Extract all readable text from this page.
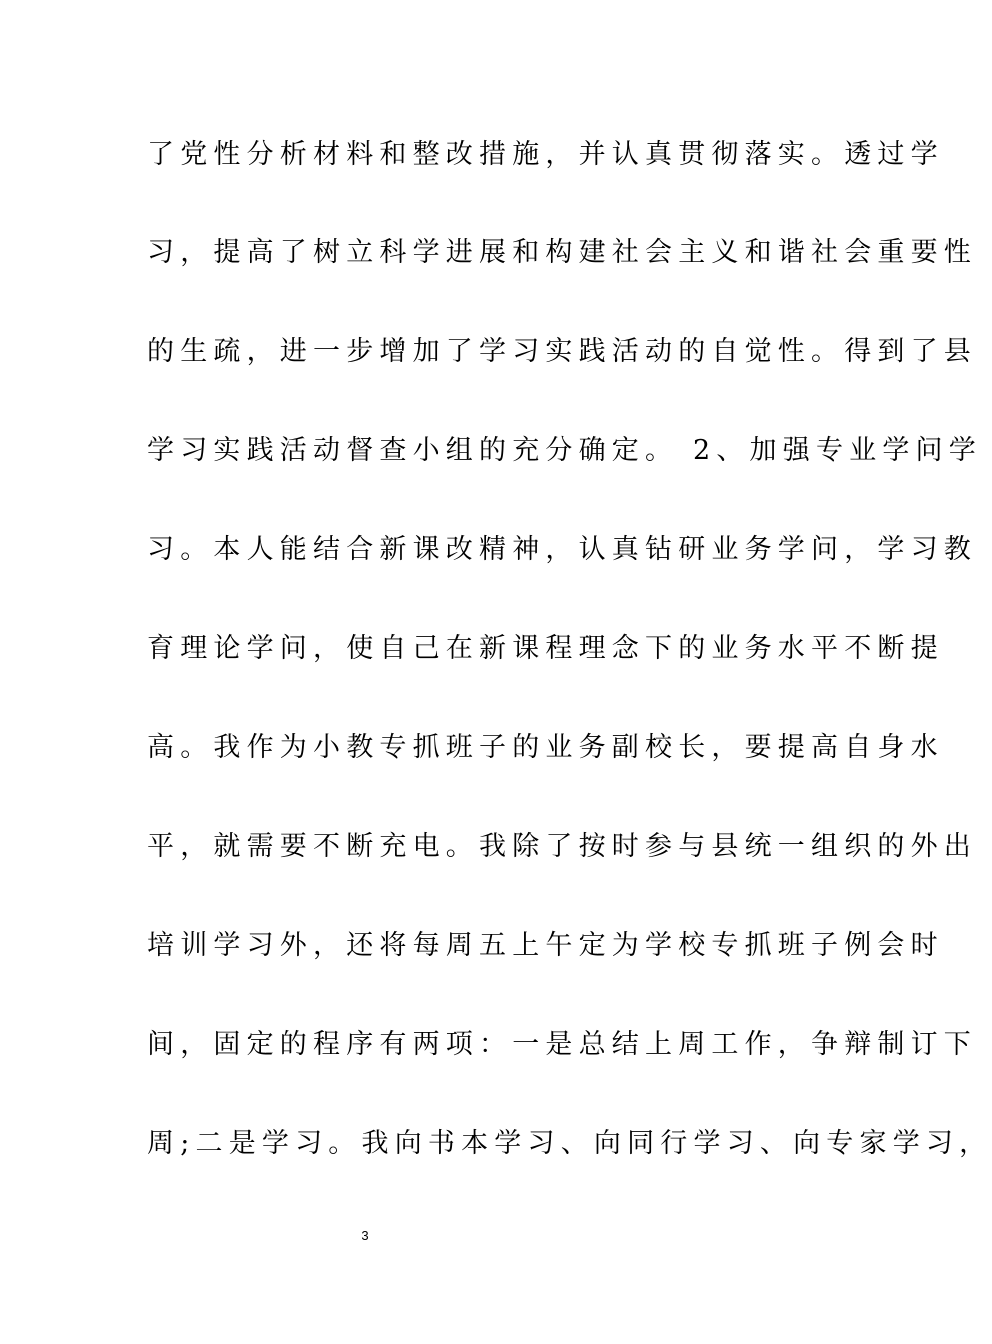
了党性分析材料和整改措施，并认真贯彻落实。透过学
习，提高了树立科学进展和构建社会主义和谐社会重要性
的生疏，进一步增加了学习实践活动的自觉性。得到了县
学习实践活动督查小组的充分确定。 2、加强专业学问学
习。本人能结合新课改精神，认真钻研业务学问，学习教
育理论学问，使自己在新课程理念下的业务水平不断提
高。我作为小教专抓班子的业务副校长，要提高自身水
平，就需要不断充电。我除了按时参与县统一组织的外出
培训学习外，还将每周五上午定为学校专抓班子例会时
间，固定的程序有两项：一是总结上周工作，争辩制订下
周;二是学习。我向书本学习、向同行学习、向专家学习，
3
